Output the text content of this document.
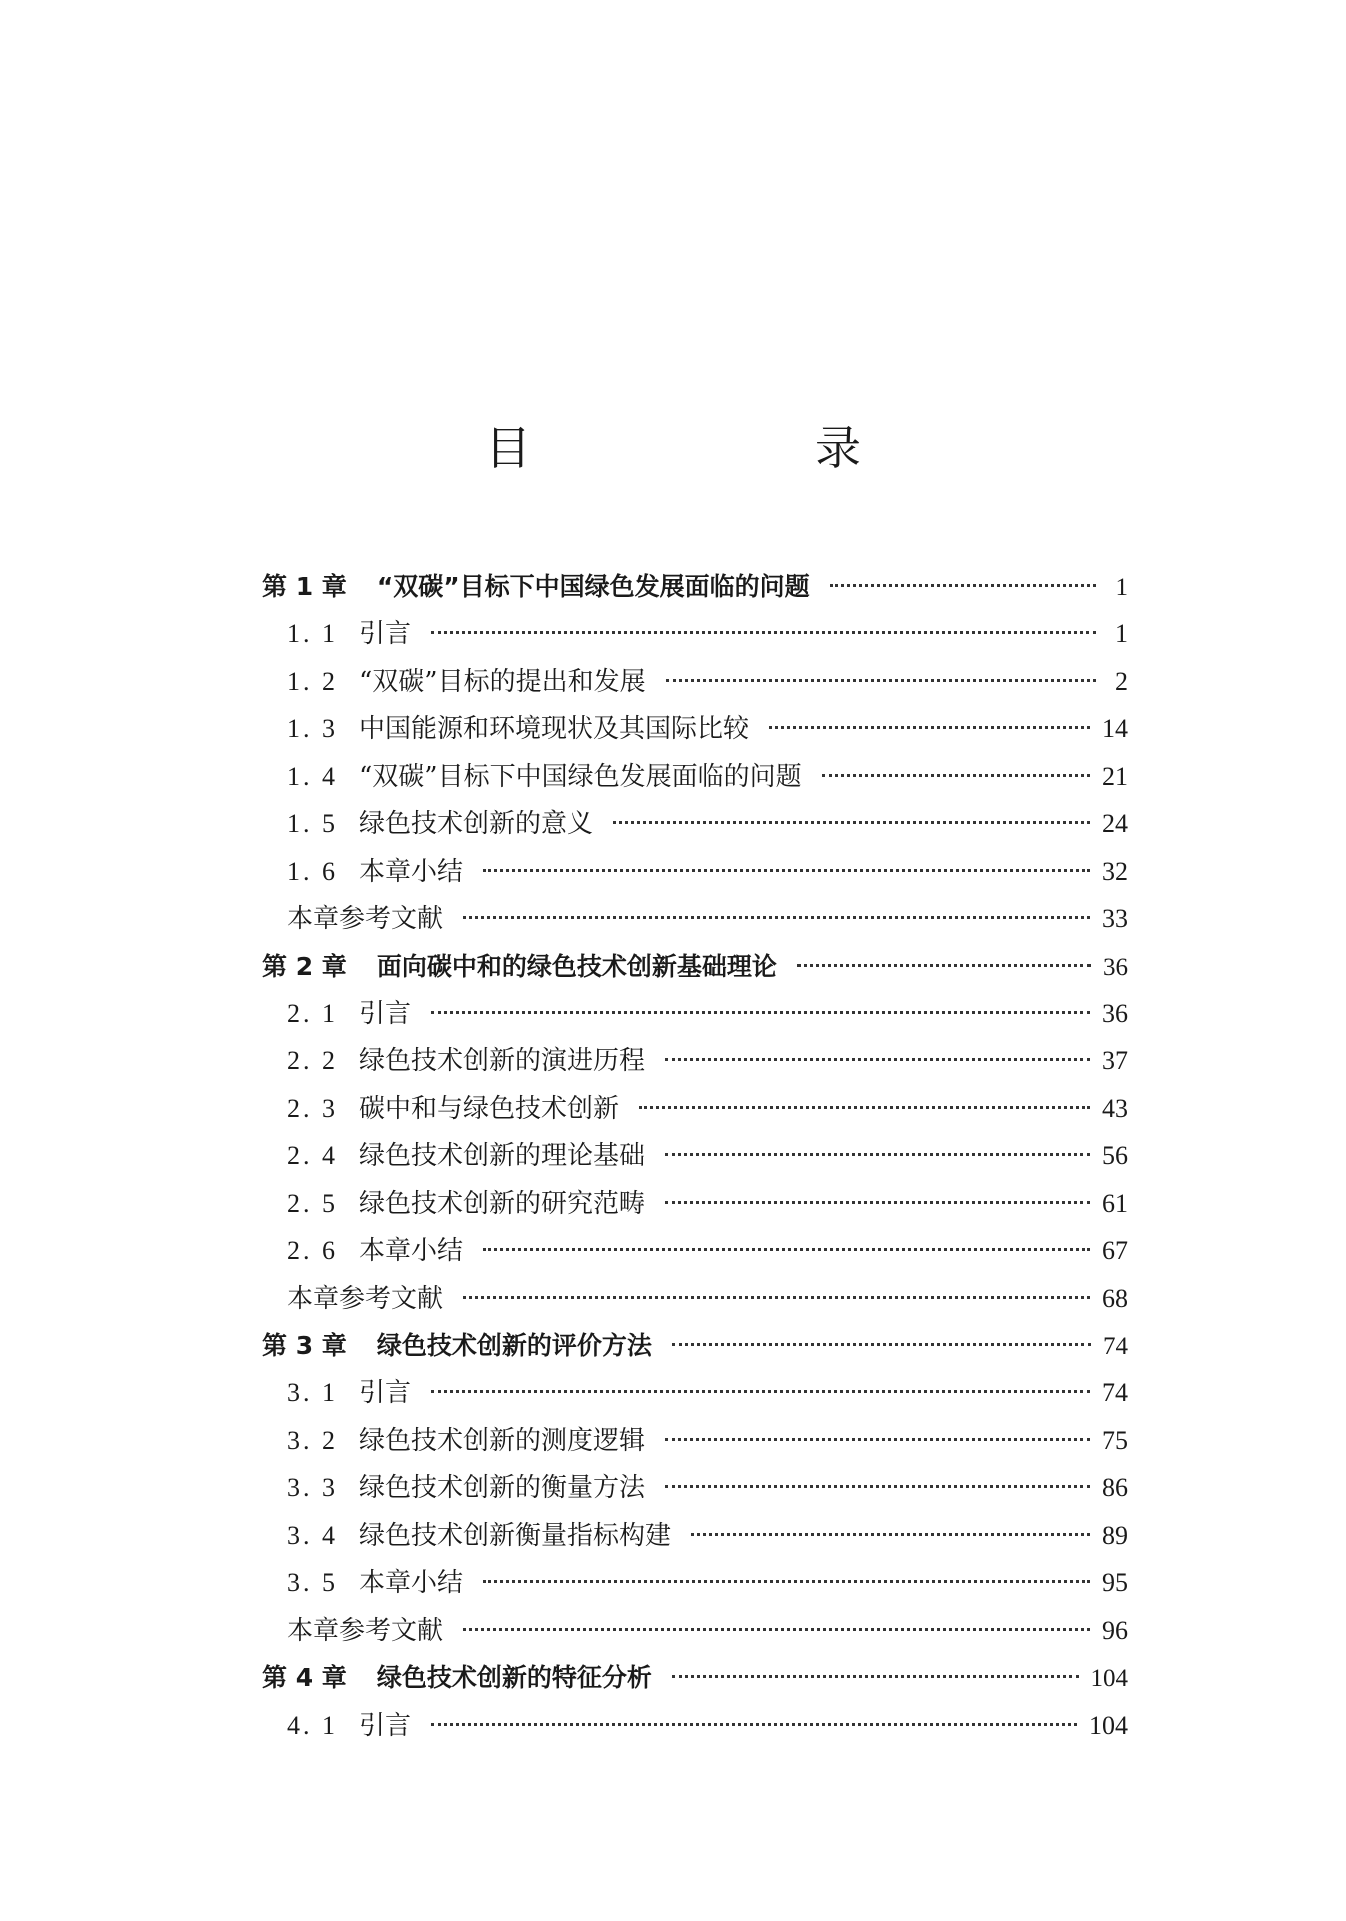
目　　录
第 1 章 “双碳”目标下中国绿色发展面临的问题	1
1. 1 引言	1
1. 2 “双碳”目标的提出和发展	2
1. 3 中国能源和环境现状及其国际比较	14
1. 4 “双碳”目标下中国绿色发展面临的问题	21
1. 5 绿色技术创新的意义	24
1. 6 本章小结	32
本章参考文献	33
第 2 章 面向碳中和的绿色技术创新基础理论	36
2. 1 引言	36
2. 2 绿色技术创新的演进历程	37
2. 3 碳中和与绿色技术创新	43
2. 4 绿色技术创新的理论基础	56
2. 5 绿色技术创新的研究范畴	61
2. 6 本章小结	67
本章参考文献	68
第 3 章 绿色技术创新的评价方法	74
3. 1 引言	74
3. 2 绿色技术创新的测度逻辑	75
3. 3 绿色技术创新的衡量方法	86
3. 4 绿色技术创新衡量指标构建	89
3. 5 本章小结	95
本章参考文献	96
第 4 章 绿色技术创新的特征分析	104
4. 1 引言	104
